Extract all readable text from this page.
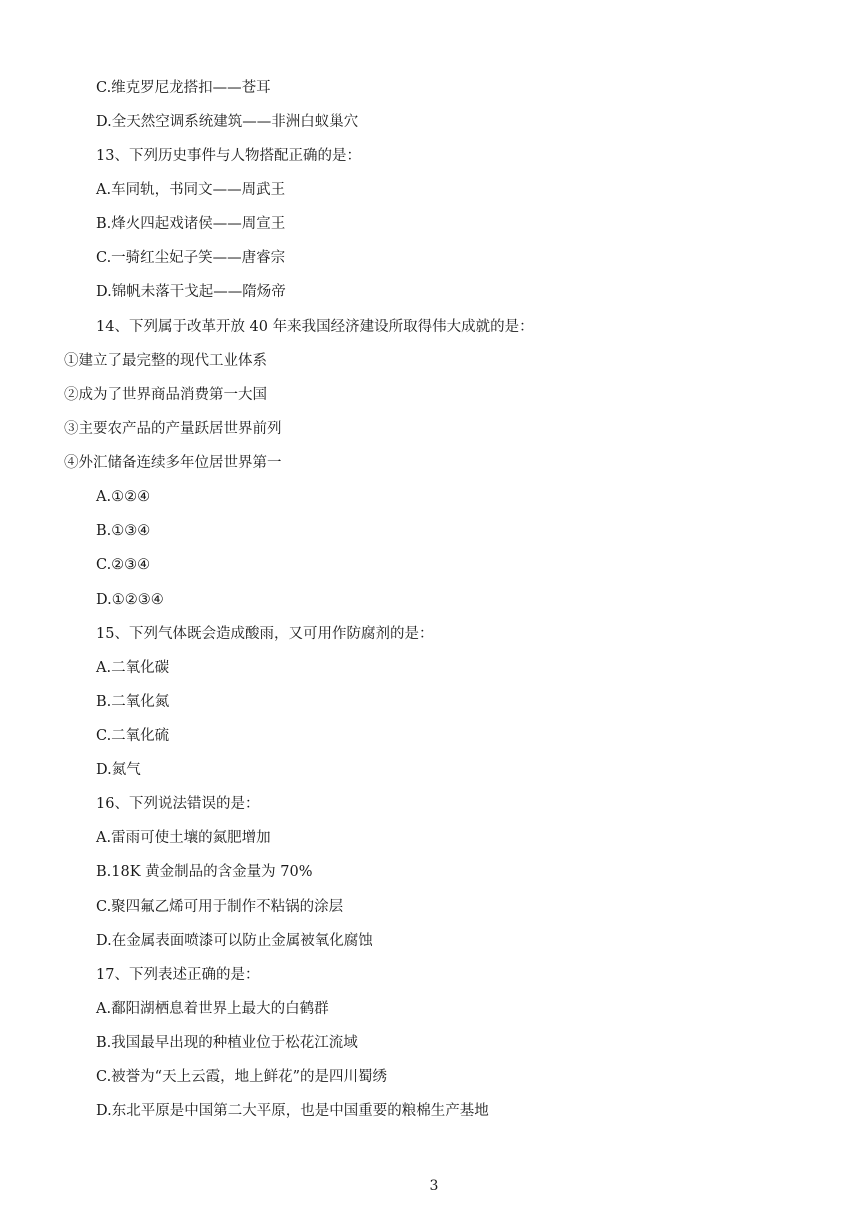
C.维克罗尼龙搭扣——苍耳
D.全天然空调系统建筑——非洲白蚁巢穴
13、下列历史事件与人物搭配正确的是：
A.车同轨，书同文——周武王
B.烽火四起戏诸侯——周宣王
C.一骑红尘妃子笑——唐睿宗
D.锦帆未落干戈起——隋炀帝
14、下列属于改革开放 40 年来我国经济建设所取得伟大成就的是：
①建立了最完整的现代工业体系
②成为了世界商品消费第一大国
③主要农产品的产量跃居世界前列
④外汇储备连续多年位居世界第一
A.①②④
B.①③④
C.②③④
D.①②③④
15、下列气体既会造成酸雨，又可用作防腐剂的是：
A.二氧化碳
B.二氧化氮
C.二氧化硫
D.氮气
16、下列说法错误的是：
A.雷雨可使土壤的氮肥增加
B.18K 黄金制品的含金量为 70%
C.聚四氟乙烯可用于制作不粘锅的涂层
D.在金属表面喷漆可以防止金属被氧化腐蚀
17、下列表述正确的是：
A.鄱阳湖栖息着世界上最大的白鹤群
B.我国最早出现的种植业位于松花江流域
C.被誉为“天上云霞，地上鲜花”的是四川蜀绣
D.东北平原是中国第二大平原，也是中国重要的粮棉生产基地
3
